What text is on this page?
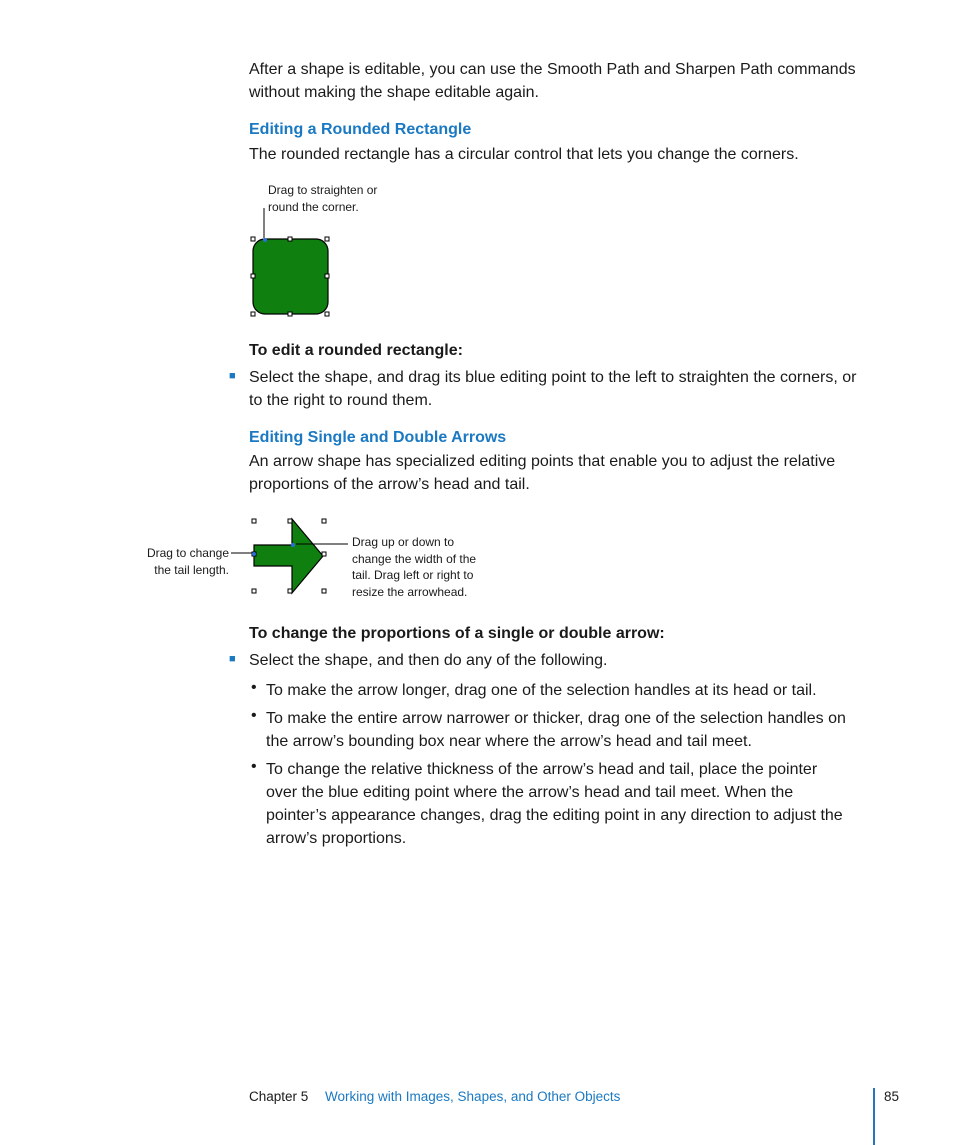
After a shape is editable, you can use the Smooth Path and Sharpen Path commands
without making the shape editable again.
Editing a Rounded Rectangle
The rounded rectangle has a circular control that lets you change the corners.
Drag to straighten or
round the corner.
To edit a rounded rectangle:
■ Select the shape, and drag its blue editing point to the left to straighten the corners, or
to the right to round them.
Editing Single and Double Arrows
An arrow shape has specialized editing points that enable you to adjust the relative
proportions of the arrow’s head and tail.
Drag to change
the tail length.
Drag up or down to
change the width of the
tail. Drag left or right to
resize the arrowhead.
To change the proportions of a single or double arrow:
■ Select the shape, and then do any of the following.
• To make the arrow longer, drag one of the selection handles at its head or tail.
• To make the entire arrow narrower or thicker, drag one of the selection handles on
the arrow’s bounding box near where the arrow’s head and tail meet.
• To change the relative thickness of the arrow’s head and tail, place the pointer
over the blue editing point where the arrow’s head and tail meet. When the
pointer’s appearance changes, drag the editing point in any direction to adjust the
arrow’s proportions.
Chapter 5 Working with Images, Shapes, and Other Objects	85
